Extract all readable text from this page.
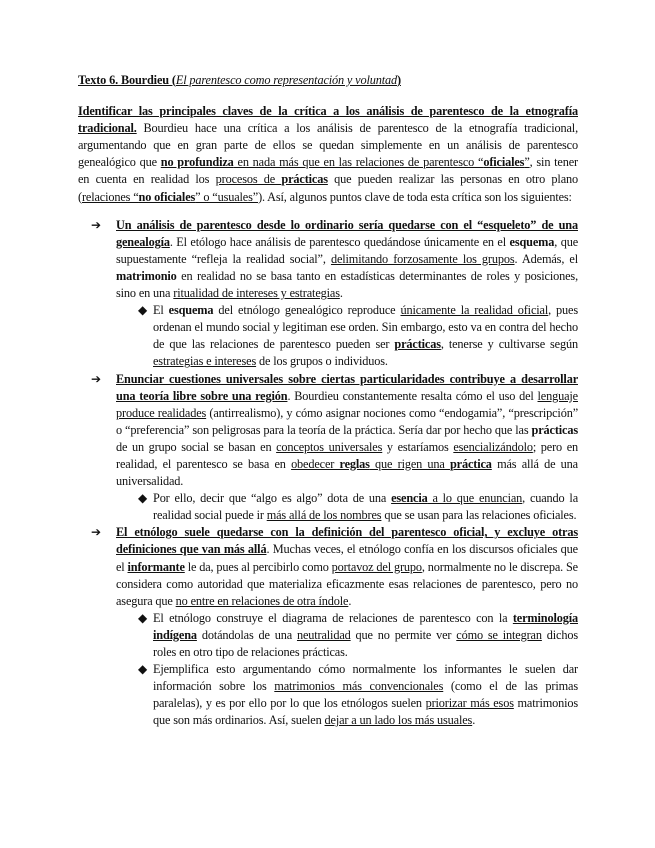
Texto 6. Bourdieu (El parentesco como representación y voluntad)

Identificar las principales claves de la crítica a los análisis de parentesco de la etnografía tradicional. Bourdieu hace una crítica a los análisis de parentesco de la etnografía tradicional, argumentando que en gran parte de ellos se quedan simplemente en un análisis de parentesco genealógico que no profundiza en nada más que en las relaciones de parentesco “oficiales”, sin tener en cuenta en realidad los procesos de prácticas que pueden realizar las personas en otro plano (relaciones “no oficiales” o “usuales”). Así, algunos puntos clave de toda esta crítica son los siguientes:

➔ Un análisis de parentesco desde lo ordinario sería quedarse con el “esqueleto” de una genealogía. El etólogo hace análisis de parentesco quedándose únicamente en el esquema, que supuestamente “refleja la realidad social”, delimitando forzosamente los grupos. Además, el matrimonio en realidad no se basa tanto en estadísticas determinantes de roles y posiciones, sino en una ritualidad de intereses y estrategias.
◆ El esquema del etnólogo genealógico reproduce únicamente la realidad oficial, pues ordenan el mundo social y legitiman ese orden. Sin embargo, esto va en contra del hecho de que las relaciones de parentesco pueden ser prácticas, tenerse y cultivarse según estrategias e intereses de los grupos o individuos.
➔ Enunciar cuestiones universales sobre ciertas particularidades contribuye a desarrollar una teoría libre sobre una región. Bourdieu constantemente resalta cómo el uso del lenguaje produce realidades (antirrealismo), y cómo asignar nociones como “endogamia”, “prescripción” o “preferencia” son peligrosas para la teoría de la práctica. Sería dar por hecho que las prácticas de un grupo social se basan en conceptos universales y estaríamos esencializándolo; pero en realidad, el parentesco se basa en obedecer reglas que rigen una práctica más allá de una universalidad.
◆ Por ello, decir que “algo es algo” dota de una esencia a lo que enuncian, cuando la realidad social puede ir más allá de los nombres que se usan para las relaciones oficiales.
➔ El etnólogo suele quedarse con la definición del parentesco oficial, y excluye otras definiciones que van más allá. Muchas veces, el etnólogo confía en los discursos oficiales que el informante le da, pues al percibirlo como portavoz del grupo, normalmente no le discrepa. Se considera como autoridad que materializa eficazmente esas relaciones de parentesco, pero no asegura que no entre en relaciones de otra índole.
◆ El etnólogo construye el diagrama de relaciones de parentesco con la terminología indígena dotándolas de una neutralidad que no permite ver cómo se integran dichos roles en otro tipo de relaciones prácticas.
◆ Ejemplifica esto argumentando cómo normalmente los informantes le suelen dar información sobre los matrimonios más convencionales (como el de las primas paralelas), y es por ello por lo que los etnólogos suelen priorizar más esos matrimonios que son más ordinarios. Así, suelen dejar a un lado los más usuales.
